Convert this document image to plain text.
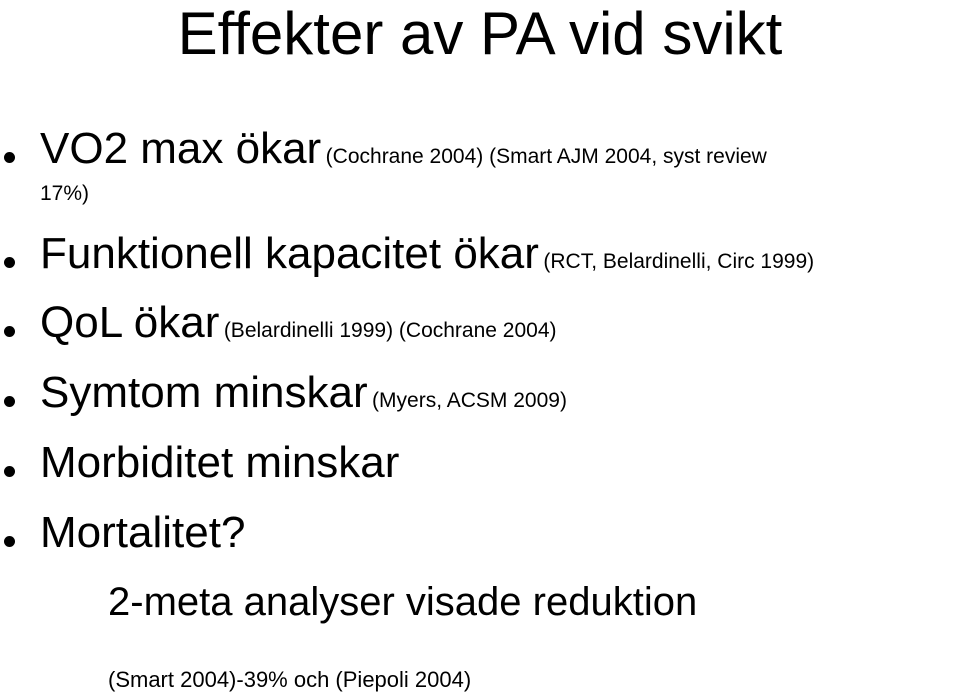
Effekter av PA vid svikt
VO2 max ökar (Cochrane 2004) (Smart AJM 2004, syst review
17%)
Funktionell kapacitet ökar (RCT, Belardinelli, Circ 1999)
QoL ökar (Belardinelli 1999) (Cochrane 2004)
Symtom minskar (Myers, ACSM 2009)
Morbiditet minskar
Mortalitet?
2-meta analyser visade reduktion
(Smart 2004)-39% och (Piepoli 2004)
